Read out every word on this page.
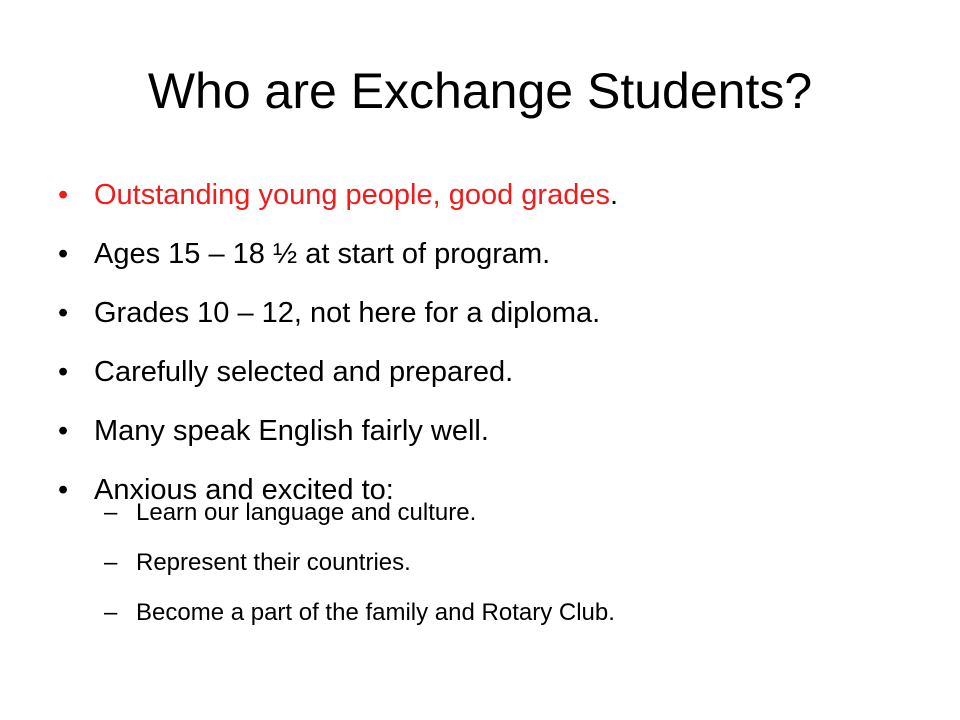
Who are Exchange Students?
• Outstanding young people, good grades.
• Ages 15 – 18 ½ at start of program.
• Grades 10 – 12, not here for a diploma.
• Carefully selected and prepared.
• Many speak English fairly well.
• Anxious and excited to:
– Learn our language and culture.
– Represent their countries.
– Become a part of the family and Rotary Club.
